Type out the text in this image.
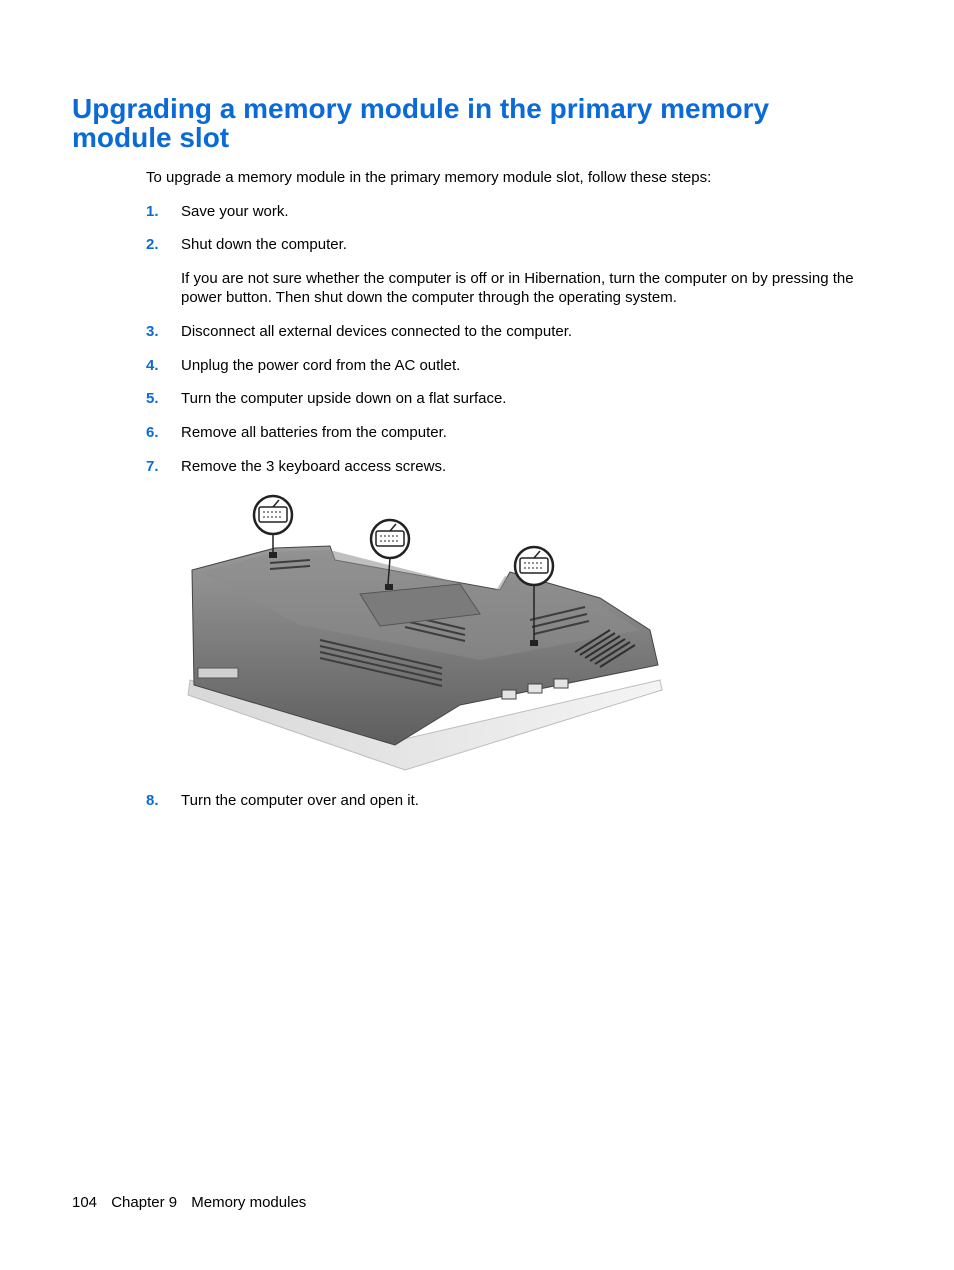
Upgrading a memory module in the primary memory module slot
To upgrade a memory module in the primary memory module slot, follow these steps:
1. Save your work.
2. Shut down the computer.
If you are not sure whether the computer is off or in Hibernation, turn the computer on by pressing the power button. Then shut down the computer through the operating system.
3. Disconnect all external devices connected to the computer.
4. Unplug the power cord from the AC outlet.
5. Turn the computer upside down on a flat surface.
6. Remove all batteries from the computer.
7. Remove the 3 keyboard access screws.
8. Turn the computer over and open it.
104 Chapter 9 Memory modules
